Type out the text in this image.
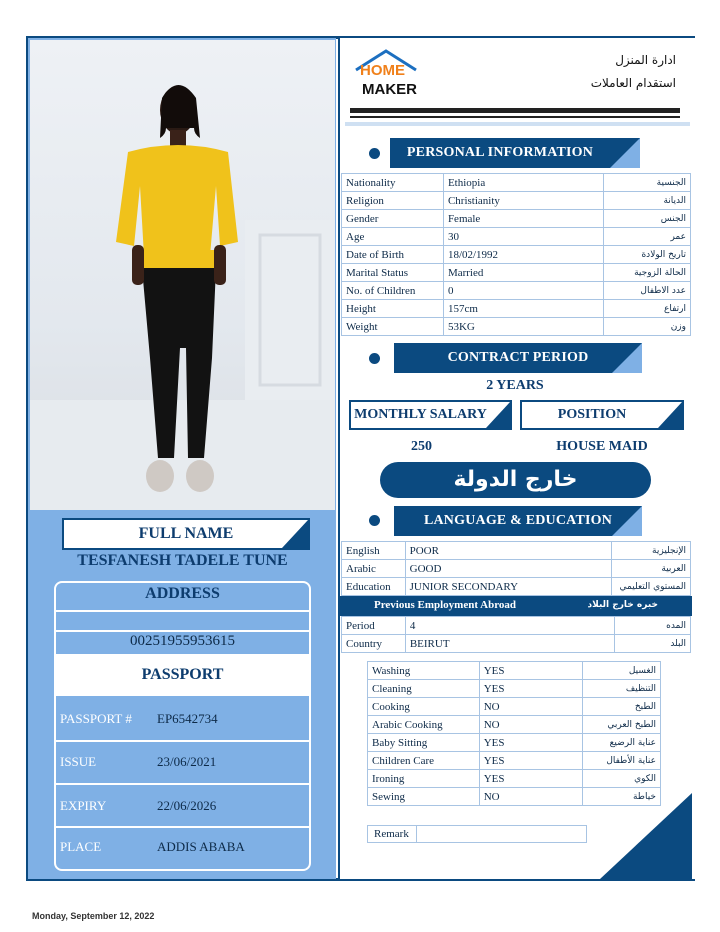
FULL NAME
TESFANESH TADELE TUNE
ADDRESS
00251955953615
PASSPORT
PASSPORT # EP6542734
ISSUE	23/06/2021
EXPIRY	22/06/2026
PLACE	ADDIS ABABA
HOME
MAKER
ادارة المنزل
استقدام العاملات
PERSONAL INFORMATION
Nationality	Ethiopia	الجنسية
Religion	Christianity	الديانة
Gender	Female	الجنس
Age	30	عمر
Date of Birth	18/02/1992	تاريخ الولادة
Marital Status	Married	الحالة الزوجية
No. of Children	0	عدد الاطفال
Height	157cm	ارتفاع
Weight	53KG	وزن
CONTRACT PERIOD
2 YEARS
MONTHLY SALARY	POSITION
250	HOUSE MAID
خارج الدولة
LANGUAGE & EDUCATION
English	POOR	الإنجليزية
Arabic	GOOD	العربية
Education	JUNIOR SECONDARY	المستوي التعليمي
Previous Employment Abroad	خبره خارج البلاد
Period	4	المده
Country	BEIRUT	البلد
Washing	YES	الغسيل
Cleaning	YES	التنظيف
Cooking	NO	الطبخ
Arabic Cooking	NO	الطبخ العربي
Baby Sitting	YES	عناية الرضيع
Children Care	YES	عناية الأطفال
Ironing	YES	الكوي
Sewing	NO	خياطة
Remark
Monday, September 12, 2022
